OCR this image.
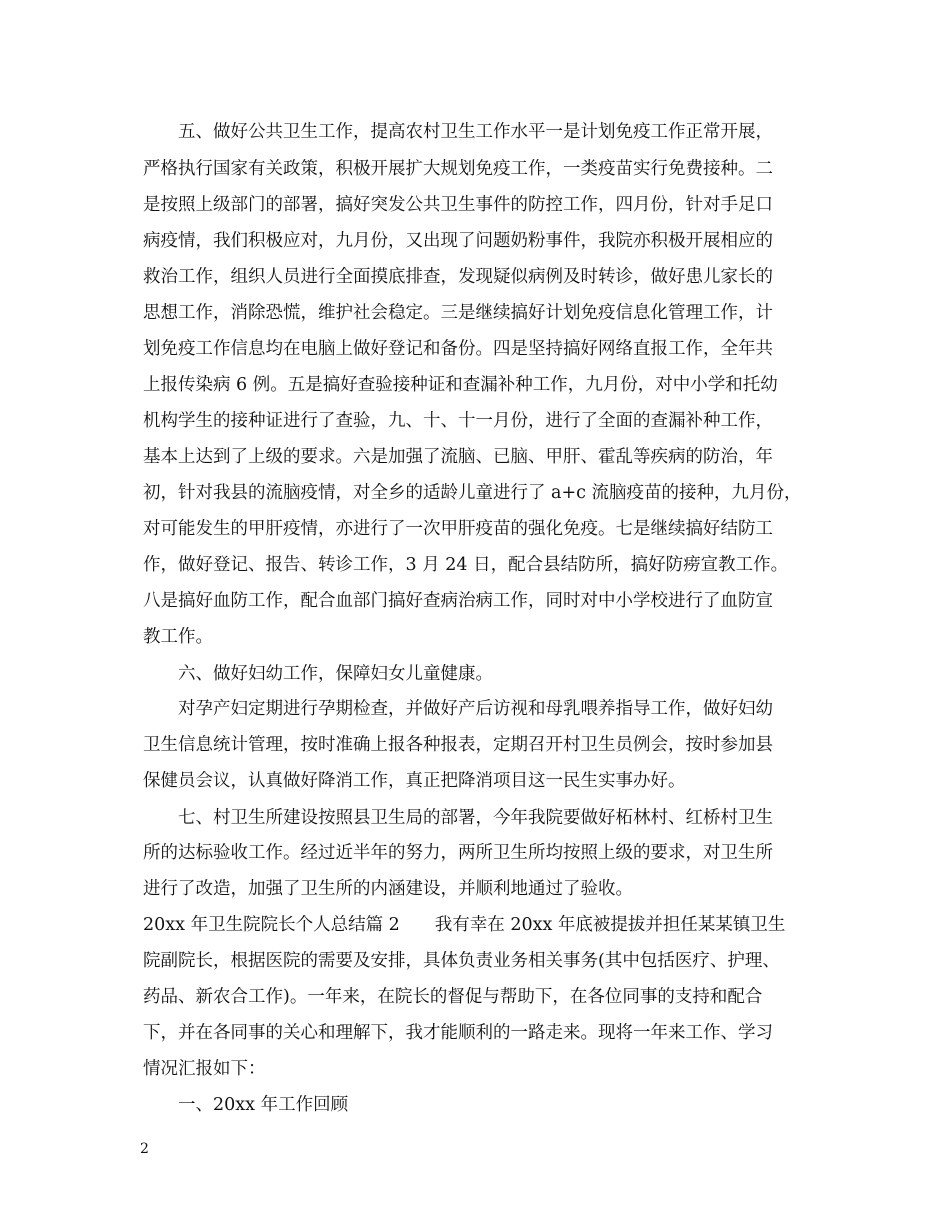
五、做好公共卫生工作，提高农村卫生工作水平一是计划免疫工作正常开展，
严格执行国家有关政策，积极开展扩大规划免疫工作，一类疫苗实行免费接种。二
是按照上级部门的部署，搞好突发公共卫生事件的防控工作，四月份，针对手足口
病疫情，我们积极应对，九月份，又出现了问题奶粉事件，我院亦积极开展相应的
救治工作，组织人员进行全面摸底排查，发现疑似病例及时转诊，做好患儿家长的
思想工作，消除恐慌，维护社会稳定。三是继续搞好计划免疫信息化管理工作，计
划免疫工作信息均在电脑上做好登记和备份。四是坚持搞好网络直报工作，全年共
上报传染病 6 例。五是搞好查验接种证和查漏补种工作，九月份，对中小学和托幼
机构学生的接种证进行了查验，九、十、十一月份，进行了全面的查漏补种工作，
基本上达到了上级的要求。六是加强了流脑、已脑、甲肝、霍乱等疾病的防治，年
初，针对我县的流脑疫情，对全乡的适龄儿童进行了 a+c 流脑疫苗的接种，九月份，
对可能发生的甲肝疫情，亦进行了一次甲肝疫苗的强化免疫。七是继续搞好结防工
作，做好登记、报告、转诊工作，3 月 24 日，配合县结防所，搞好防痨宣教工作。
八是搞好血防工作，配合血部门搞好查病治病工作，同时对中小学校进行了血防宣
教工作。
六、做好妇幼工作，保障妇女儿童健康。
对孕产妇定期进行孕期检查，并做好产后访视和母乳喂养指导工作，做好妇幼
卫生信息统计管理，按时准确上报各种报表，定期召开村卫生员例会，按时参加县
保健员会议，认真做好降消工作，真正把降消项目这一民生实事办好。
七、村卫生所建设按照县卫生局的部署，今年我院要做好柘林村、红桥村卫生
所的达标验收工作。经过近半年的努力，两所卫生所均按照上级的要求，对卫生所
进行了改造，加强了卫生所的内涵建设，并顺利地通过了验收。
20xx 年卫生院院长个人总结篇 2　　我有幸在 20xx 年底被提拔并担任某某镇卫生
院副院长，根据医院的需要及安排，具体负责业务相关事务(其中包括医疗、护理、
药品、新农合工作)。一年来，在院长的督促与帮助下，在各位同事的支持和配合
下，并在各同事的关心和理解下，我才能顺利的一路走来。现将一年来工作、学习
情况汇报如下：
一、20xx 年工作回顾
2
